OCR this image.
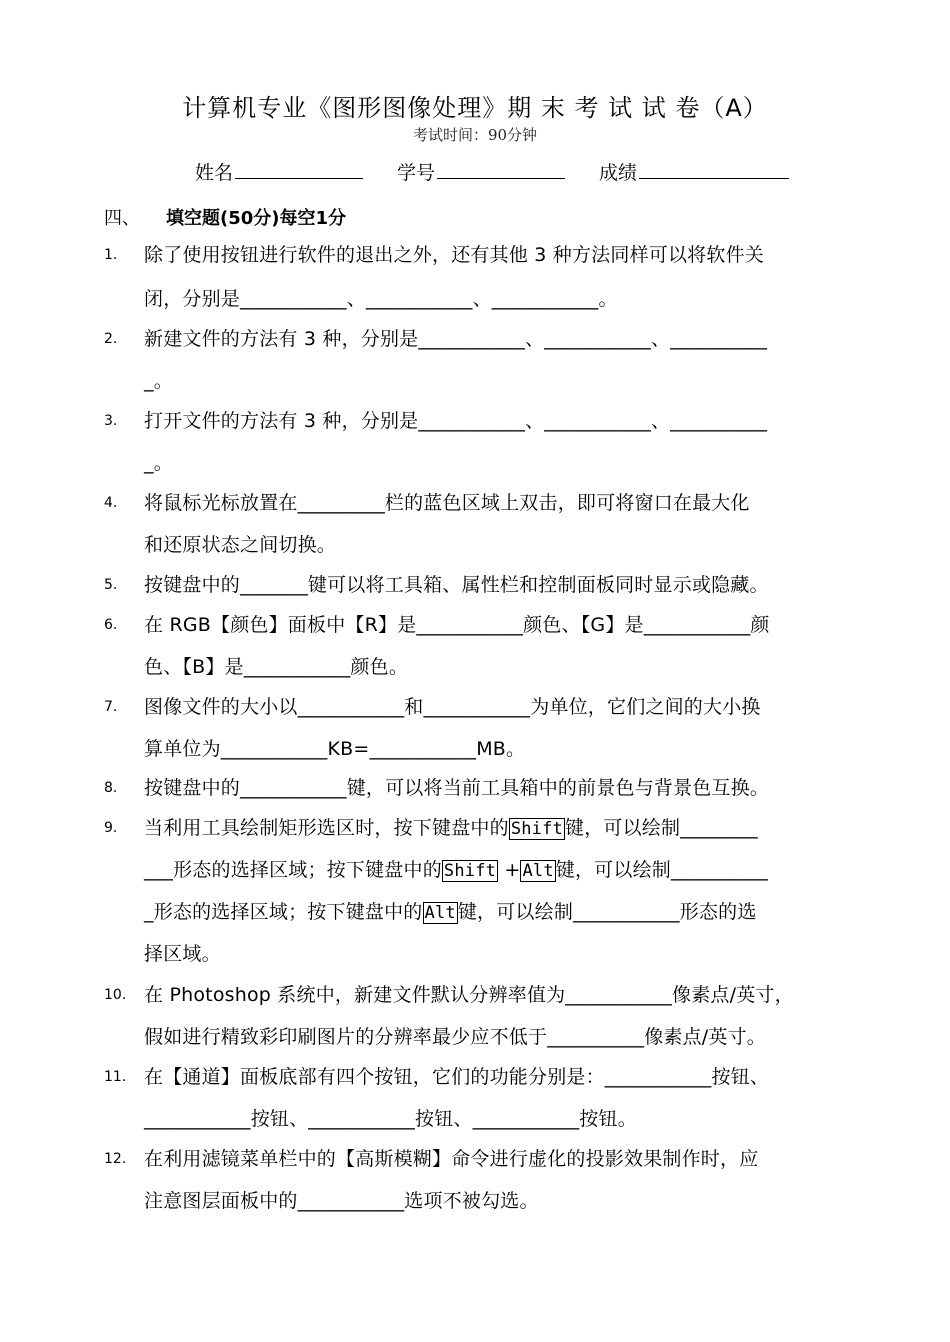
计算机专业《图形图像处理》期 末 考 试 试 卷（A）
考试时间：90分钟
姓名	学号	成绩
四、 填空题(50分)每空1分
1.	除了使用按钮进行软件的退出之外，还有其他 3 种方法同样可以将软件关
闭，分别是___________、___________、___________。
2.	新建文件的方法有 3 种，分别是___________、___________、__________
_。
3.	打开文件的方法有 3 种，分别是___________、___________、__________
_。
4.	将鼠标光标放置在_________栏的蓝色区域上双击，即可将窗口在最大化
和还原状态之间切换。
5.	按键盘中的_______键可以将工具箱、属性栏和控制面板同时显示或隐藏。
6.	在 RGB【颜色】面板中【R】是___________颜色、【G】是___________颜
色、【B】是___________颜色。
7.	图像文件的大小以___________和___________为单位，它们之间的大小换
算单位为___________KB=___________MB。
8.	按键盘中的___________键，可以将当前工具箱中的前景色与背景色互换。
9.	当利用工具绘制矩形选区时，按下键盘中的 Shift 键，可以绘制________
___形态的选择区域；按下键盘中的 Shift + Alt 键，可以绘制__________
_形态的选择区域；按下键盘中的 Alt 键，可以绘制___________形态的选
择区域。
10. 在 Photoshop 系统中，新建文件默认分辨率值为___________像素点/英寸，
假如进行精致彩印刷图片的分辨率最少应不低于__________像素点/英寸。
11. 在【通道】面板底部有四个按钮，它们的功能分别是：___________按钮、
___________按钮、___________按钮、___________按钮。
12. 在利用滤镜菜单栏中的【高斯模糊】命令进行虚化的投影效果制作时，应
注意图层面板中的___________选项不被勾选。
